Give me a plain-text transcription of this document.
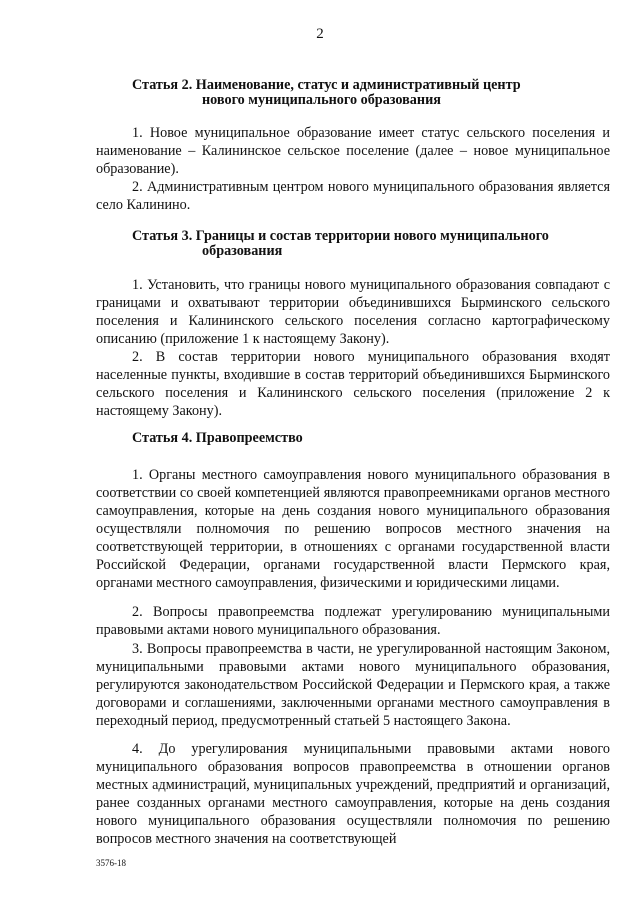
2
Статья 2. Наименование, статус и административный центр
нового муниципального образования
1. Новое муниципальное образование имеет статус сельского поселения и наименование – Калининское сельское поселение (далее – новое муниципальное образование).
2. Административным центром нового муниципального образования является село Калинино.
Статья 3. Границы и состав территории нового муниципального
образования
1. Установить, что границы нового муниципального образования совпадают с границами и охватывают территории объединившихся Бырминского сельского поселения и Калининского сельского поселения согласно картографическому описанию (приложение 1 к настоящему Закону).
2. В состав территории нового муниципального образования входят населенные пункты, входившие в состав территорий объединившихся Бырминского сельского поселения и Калининского сельского поселения (приложение 2 к настоящему Закону).
Статья 4. Правопреемство
1. Органы местного самоуправления нового муниципального образования в соответствии со своей компетенцией являются правопреемниками органов местного самоуправления, которые на день создания нового муниципального образования осуществляли полномочия по решению вопросов местного значения на соответствующей территории, в отношениях с органами государственной власти Российской Федерации, органами государственной власти Пермского края, органами местного самоуправления, физическими и юридическими лицами.
2. Вопросы правопреемства подлежат урегулированию муниципальными правовыми актами нового муниципального образования.
3. Вопросы правопреемства в части, не урегулированной настоящим Законом, муниципальными правовыми актами нового муниципального образования, регулируются законодательством Российской Федерации и Пермского края, а также договорами и соглашениями, заключенными органами местного самоуправления в переходный период, предусмотренный статьей 5 настоящего Закона.
4. До урегулирования муниципальными правовыми актами нового муниципального образования вопросов правопреемства в отношении органов местных администраций, муниципальных учреждений, предприятий и организаций, ранее созданных органами местного самоуправления, которые на день создания нового муниципального образования осуществляли полномочия по решению вопросов местного значения на соответствующей
3576-18
